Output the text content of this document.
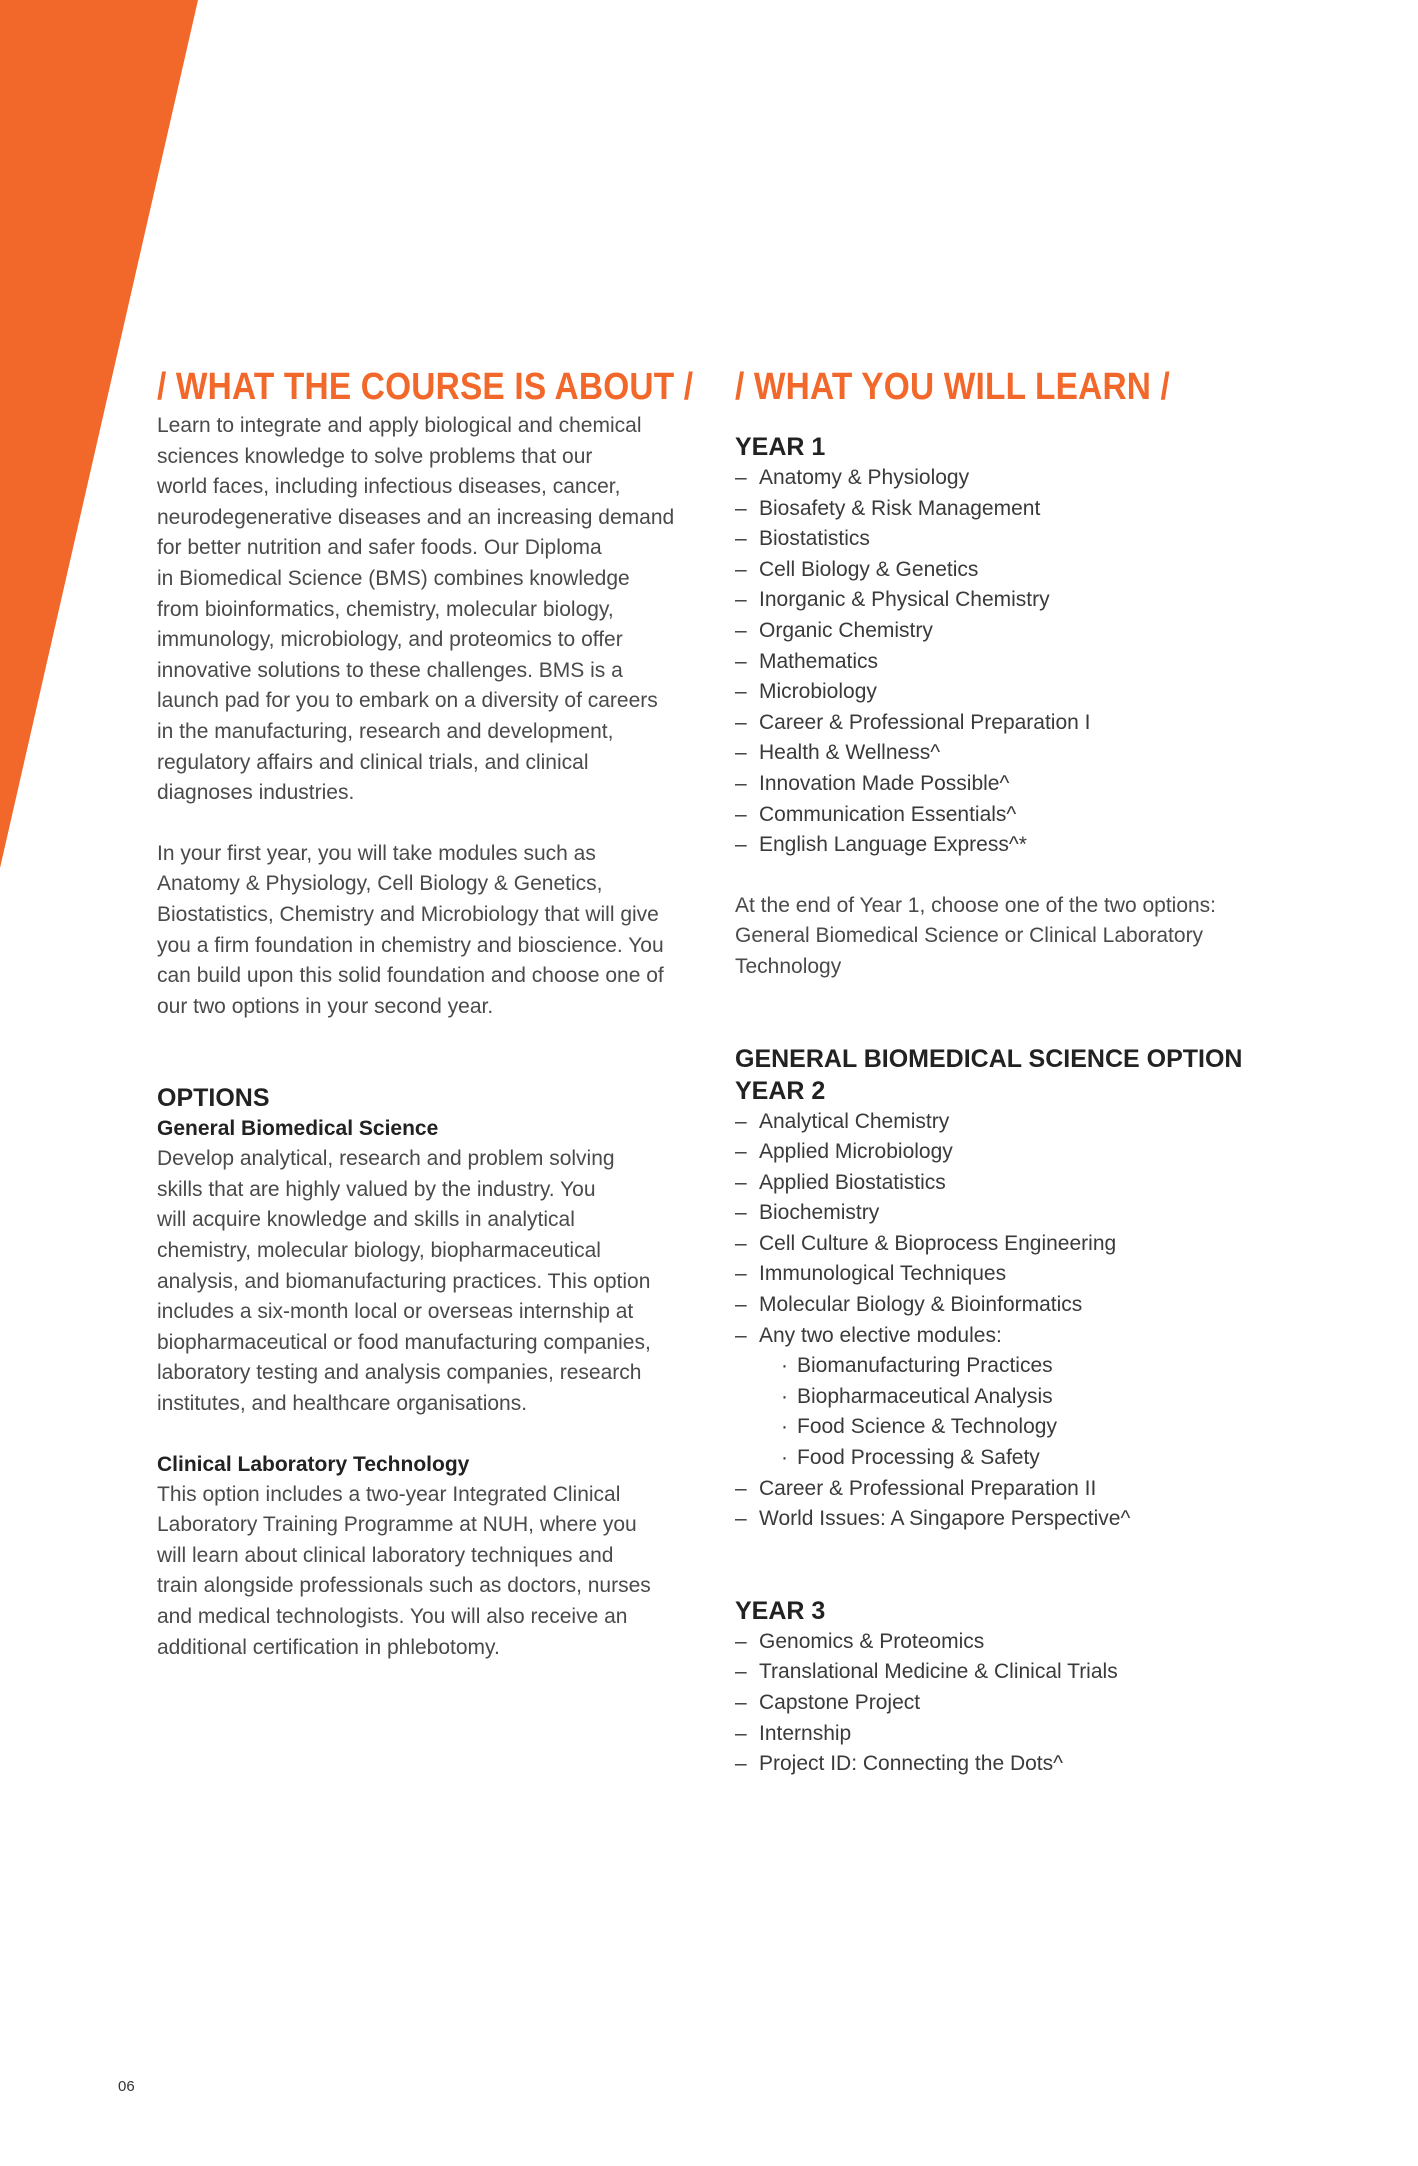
/ WHAT THE COURSE IS ABOUT /

Learn to integrate and apply biological and chemical
sciences knowledge to solve problems that our
world faces, including infectious diseases, cancer,
neurodegenerative diseases and an increasing demand
for better nutrition and safer foods. Our Diploma
in Biomedical Science (BMS) combines knowledge
from bioinformatics, chemistry, molecular biology,
immunology, microbiology, and proteomics to offer
innovative solutions to these challenges. BMS is a
launch pad for you to embark on a diversity of careers
in the manufacturing, research and development,
regulatory affairs and clinical trials, and clinical
diagnoses industries.

In your first year, you will take modules such as
Anatomy & Physiology, Cell Biology & Genetics,
Biostatistics, Chemistry and Microbiology that will give
you a firm foundation in chemistry and bioscience. You
can build upon this solid foundation and choose one of
our two options in your second year.

OPTIONS
General Biomedical Science

Develop analytical, research and problem solving
skills that are highly valued by the industry. You
will acquire knowledge and skills in analytical
chemistry, molecular biology, biopharmaceutical
analysis, and biomanufacturing practices. This option
includes a six-month local or overseas internship at
biopharmaceutical or food manufacturing companies,
laboratory testing and analysis companies, research
institutes, and healthcare organisations.

Clinical Laboratory Technology

This option includes a two-year Integrated Clinical
Laboratory Training Programme at NUH, where you
will learn about clinical laboratory techniques and
train alongside professionals such as doctors, nurses
and medical technologists. You will also receive an
additional certification in phlebotomy.

/ WHAT YOU WILL LEARN /
YEAR 1
– Anatomy & Physiology
– Biosafety & Risk Management
– Biostatistics
– Cell Biology & Genetics
– Inorganic & Physical Chemistry
– Organic Chemistry
– Mathematics
– Microbiology
– Career & Professional Preparation I
– Health & Wellness^
– Innovation Made Possible^
– Communication Essentials^
– English Language Express^*

At the end of Year 1, choose one of the two options:
General Biomedical Science or Clinical Laboratory
Technology

GENERAL BIOMEDICAL SCIENCE OPTION
YEAR 2
– Analytical Chemistry
– Applied Microbiology
– Applied Biostatistics
– Biochemistry
– Cell Culture & Bioprocess Engineering
– Immunological Techniques
– Molecular Biology & Bioinformatics
– Any two elective modules:
· Biomanufacturing Practices
· Biopharmaceutical Analysis
· Food Science & Technology
· Food Processing & Safety
– Career & Professional Preparation II
– World Issues: A Singapore Perspective^
YEAR 3
– Genomics & Proteomics
– Translational Medicine & Clinical Trials
– Capstone Project
– Internship
– Project ID: Connecting the Dots^
06
